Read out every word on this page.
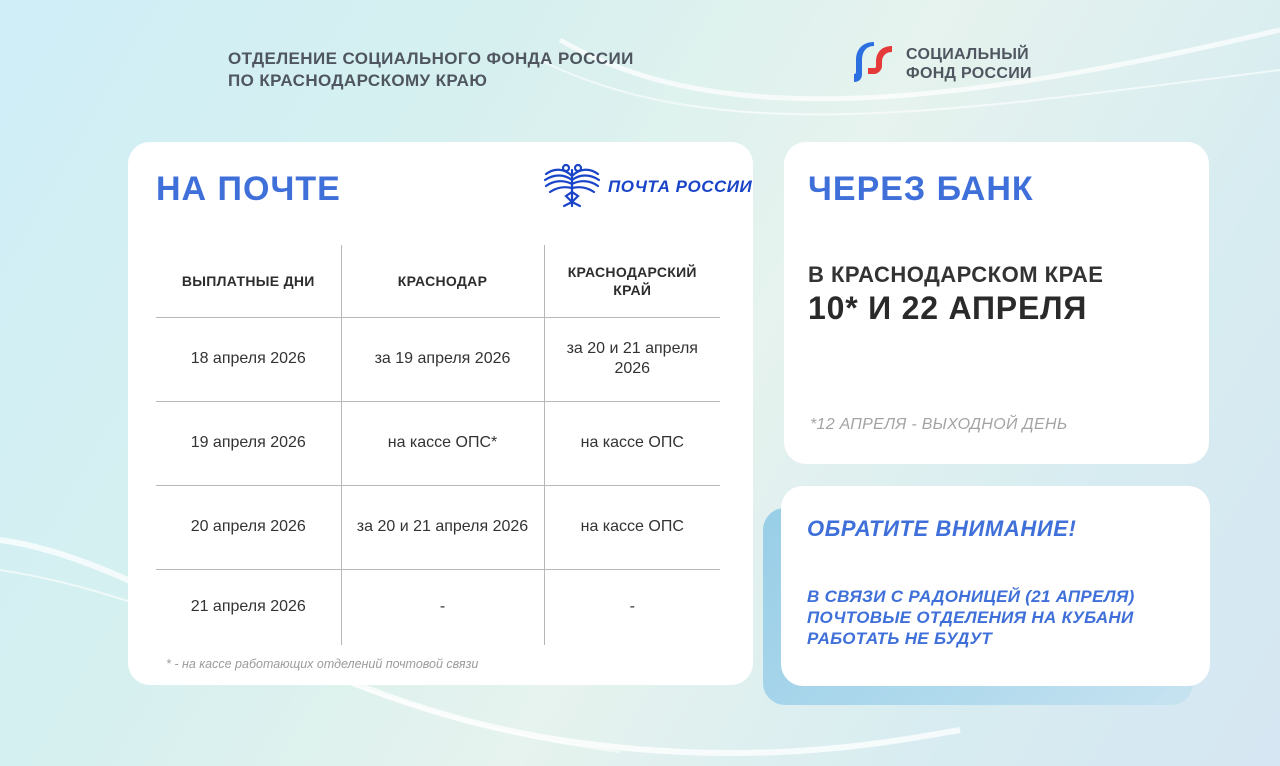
ОТДЕЛЕНИЕ СОЦИАЛЬНОГО ФОНДА РОССИИ
ПО КРАСНОДАРСКОМУ КРАЮ
СОЦИАЛЬНЫЙ
ФОНД РОССИИ
НА ПОЧТЕ	ПОЧТА РОССИИ
ВЫПЛАТНЫЕ ДНИ	КРАСНОДАР	КРАСНОДАРСКИЙ КРАЙ
18 апреля 2026	за 19 апреля 2026	за 20 и 21 апреля 2026
19 апреля 2026	на кассе ОПС*	на кассе ОПС
20 апреля 2026	за 20 и 21 апреля 2026	на кассе ОПС
21 апреля 2026	-	-
* - на кассе работающих отделений почтовой связи
ЧЕРЕЗ БАНК
В КРАСНОДАРСКОМ КРАЕ
10* И 22 АПРЕЛЯ
*12 АПРЕЛЯ - ВЫХОДНОЙ ДЕНЬ
ОБРАТИТЕ ВНИМАНИЕ!
В СВЯЗИ С РАДОНИЦЕЙ (21 АПРЕЛЯ) ПОЧТОВЫЕ ОТДЕЛЕНИЯ НА КУБАНИ РАБОТАТЬ НЕ БУДУТ
